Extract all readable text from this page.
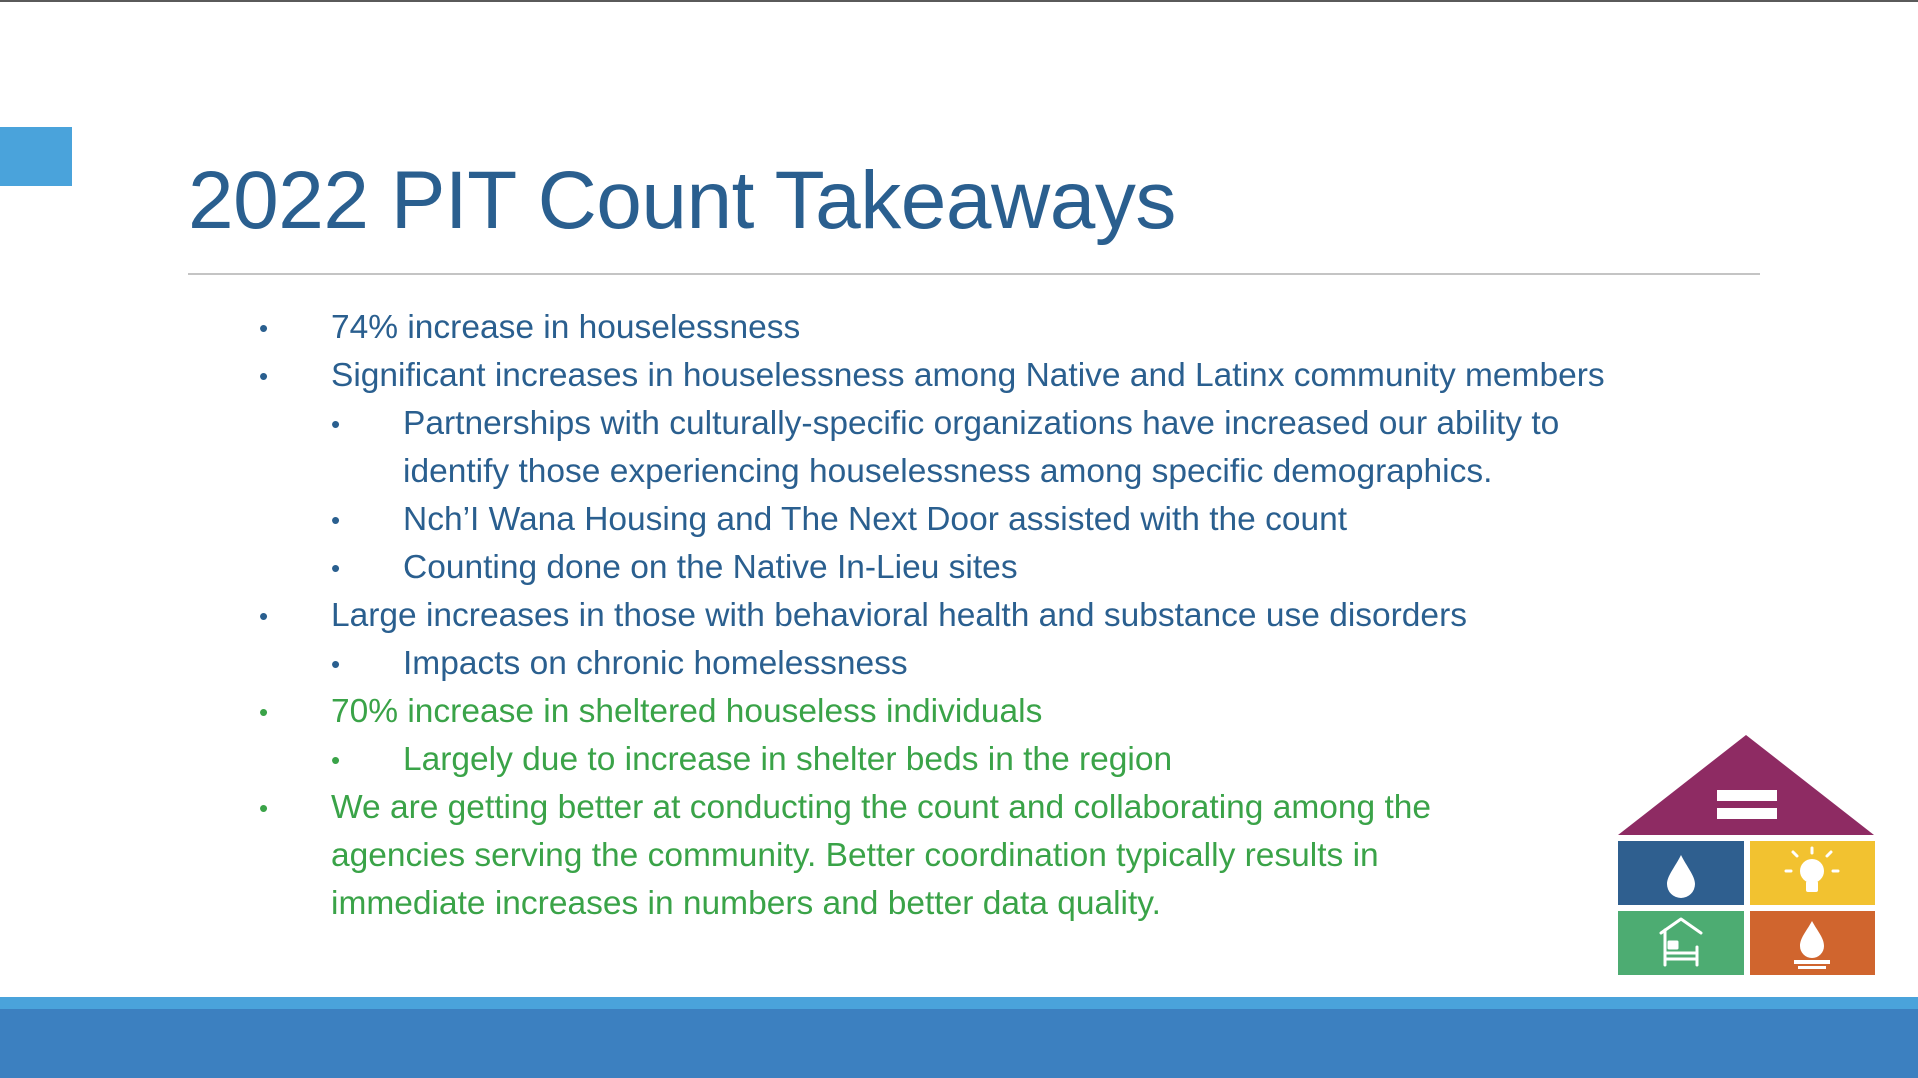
2022 PIT Count Takeaways
• 74% increase in houselessness
• Significant increases in houselessness among Native and Latinx community members
• Partnerships with culturally-specific organizations have increased our ability to
identify those experiencing houselessness among specific demographics.
• Nch’I Wana Housing and The Next Door assisted with the count
• Counting done on the Native In-Lieu sites
• Large increases in those with behavioral health and substance use disorders
• Impacts on chronic homelessness
• 70% increase in sheltered houseless individuals
• Largely due to increase in shelter beds in the region
• We are getting better at conducting the count and collaborating among the
agencies serving the community. Better coordination typically results in
immediate increases in numbers and better data quality.
